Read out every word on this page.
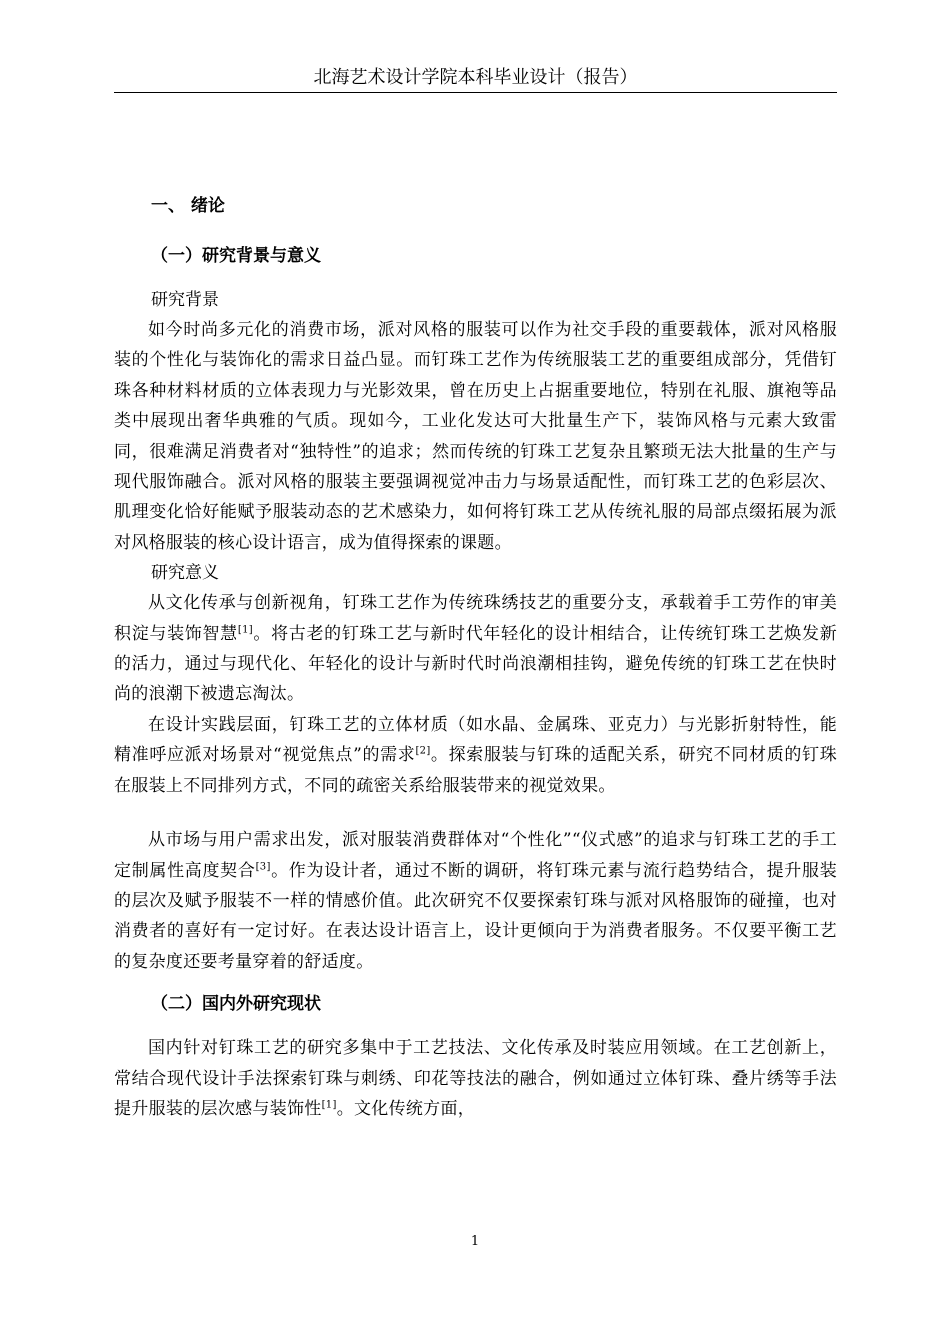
北海艺术设计学院本科毕业设计（报告）
一、 绪论
（一）研究背景与意义
研究背景

如今时尚多元化的消费市场，派对风格的服装可以作为社交手段的重要载体，派对风格服装的个性化与装饰化的需求日益凸显。而钉珠工艺作为传统服装工艺的重要组成部分，凭借钉珠各种材料材质的立体表现力与光影效果，曾在历史上占据重要地位，特别在礼服、旗袍等品类中展现出奢华典雅的气质。现如今，工业化发达可大批量生产下，装饰风格与元素大致雷同，很难满足消费者对“独特性”的追求；然而传统的钉珠工艺复杂且繁琐无法大批量的生产与现代服饰融合。派对风格的服装主要强调视觉冲击力与场景适配性，而钉珠工艺的色彩层次、肌理变化恰好能赋予服装动态的艺术感染力，如何将钉珠工艺从传统礼服的局部点缀拓展为派对风格服装的核心设计语言，成为值得探索的课题。

研究意义

从文化传承与创新视角，钉珠工艺作为传统珠绣技艺的重要分支，承载着手工劳作的审美积淀与装饰智慧[1]。将古老的钉珠工艺与新时代年轻化的设计相结合，让传统钉珠工艺焕发新的活力，通过与现代化、年轻化的设计与新时代时尚浪潮相挂钩，避免传统的钉珠工艺在快时尚的浪潮下被遗忘淘汰。

在设计实践层面，钉珠工艺的立体材质（如水晶、金属珠、亚克力）与光影折射特性，能精准呼应派对场景对“视觉焦点”的需求[2]。探索服装与钉珠的适配关系，研究不同材质的钉珠在服装上不同排列方式，不同的疏密关系给服装带来的视觉效果。

从市场与用户需求出发，派对服装消费群体对“个性化”“仪式感”的追求与钉珠工艺的手工定制属性高度契合[3]。作为设计者，通过不断的调研，将钉珠元素与流行趋势结合，提升服装的层次及赋予服装不一样的情感价值。此次研究不仅要探索钉珠与派对风格服饰的碰撞，也对消费者的喜好有一定讨好。在表达设计语言上，设计更倾向于为消费者服务。不仅要平衡工艺的复杂度还要考量穿着的舒适度。

（二）国内外研究现状

国内针对钉珠工艺的研究多集中于工艺技法、文化传承及时装应用领域。在工艺创新上，常结合现代设计手法探索钉珠与刺绣、印花等技法的融合，例如通过立体钉珠、叠片绣等手法提升服装的层次感与装饰性[1]。文化传统方面，

1
